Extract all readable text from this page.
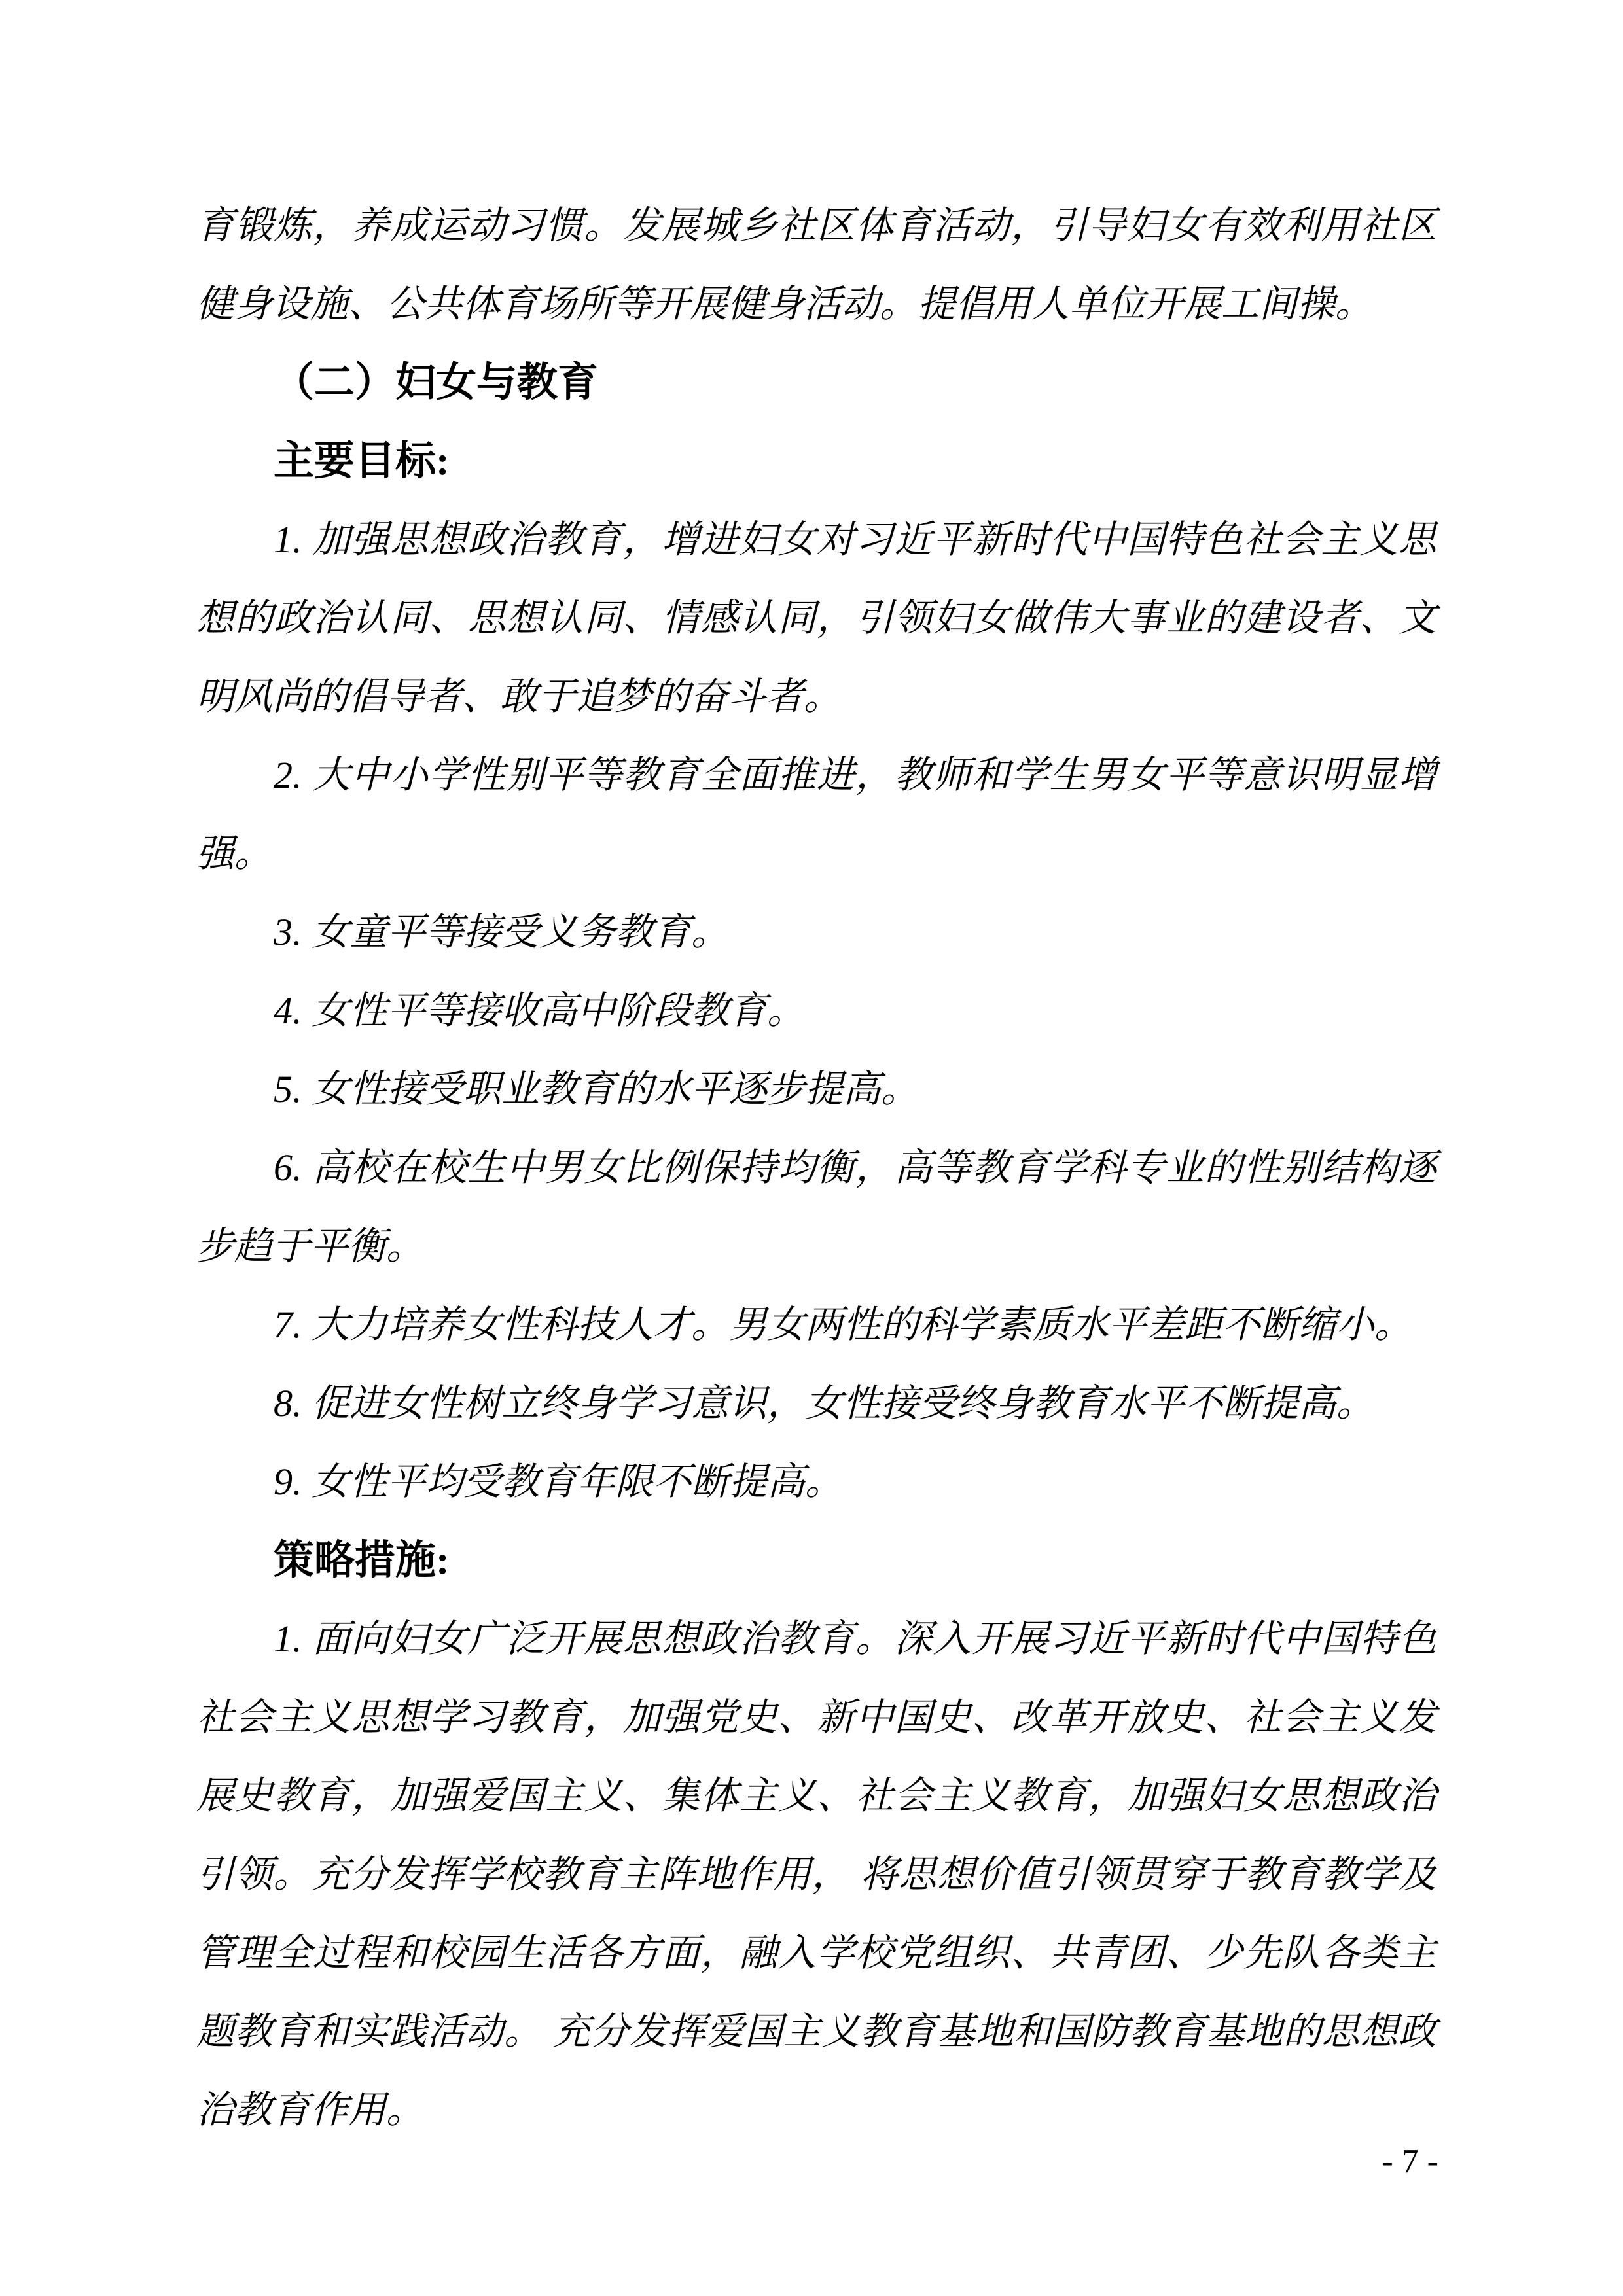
育锻炼，养成运动习惯。发展城乡社区体育活动，引导妇女有效利用社区
健身设施、公共体育场所等开展健身活动。提倡用人单位开展工间操。
（二）妇女与教育
主要目标:
1. 加强思想政治教育，增进妇女对习近平新时代中国特色社会主义思
想的政治认同、思想认同、情感认同，引领妇女做伟大事业的建设者、文
明风尚的倡导者、敢于追梦的奋斗者。
2. 大中小学性别平等教育全面推进，教师和学生男女平等意识明显增
强。
3. 女童平等接受义务教育。
4. 女性平等接收高中阶段教育。
5. 女性接受职业教育的水平逐步提高。
6. 高校在校生中男女比例保持均衡，高等教育学科专业的性别结构逐
步趋于平衡。
7. 大力培养女性科技人才。男女两性的科学素质水平差距不断缩小。
8. 促进女性树立终身学习意识，女性接受终身教育水平不断提高。
9. 女性平均受教育年限不断提高。
策略措施:
1. 面向妇女广泛开展思想政治教育。深入开展习近平新时代中国特色
社会主义思想学习教育，加强党史、新中国史、改革开放史、社会主义发
展史教育，加强爱国主义、集体主义、社会主义教育，加强妇女思想政治
引领。充分发挥学校教育主阵地作用， 将思想价值引领贯穿于教育教学及
管理全过程和校园生活各方面，融入学校党组织、共青团、少先队各类主
题教育和实践活动。 充分发挥爱国主义教育基地和国防教育基地的思想政
治教育作用。
- 7 -
